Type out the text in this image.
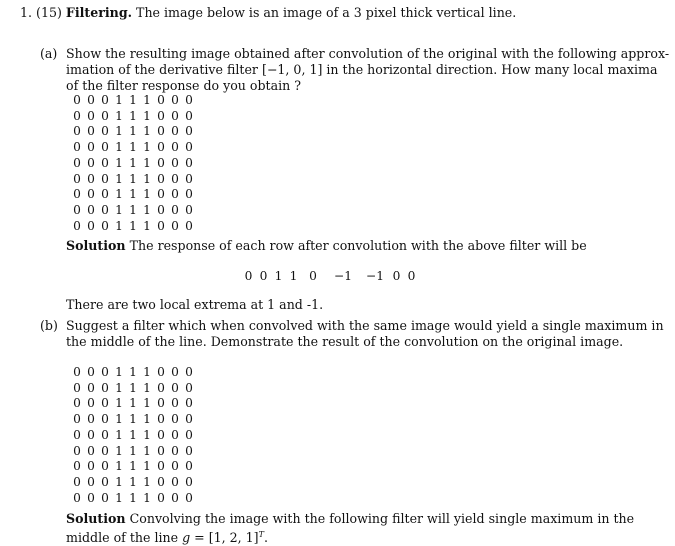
1. (15) Filtering. The image below is an image of a 3 pixel thick vertical line.
(a) Show the resulting image obtained after convolution of the original with the following approx-
imation of the derivative filter [−1, 0, 1] in the horizontal direction. How many local maxima
of the filter response do you obtain ?
0	0	0	1	1	1	0	0	0
0	0	0	1	1	1	0	0	0
0	0	0	1	1	1	0	0	0
0	0	0	1	1	1	0	0	0
0	0	0	1	1	1	0	0	0
0	0	0	1	1	1	0	0	0
0	0	0	1	1	1	0	0	0
0	0	0	1	1	1	0	0	0
0	0	0	1	1	1	0	0	0
Solution The response of each row after convolution with the above filter will be
0	0	1	1	0	−1	−1	0	0
There are two local extrema at 1 and -1.
(b) Suggest a filter which when convolved with the same image would yield a single maximum in
the middle of the line. Demonstrate the result of the convolution on the original image.
0	0	0	1	1	1	0	0	0
0	0	0	1	1	1	0	0	0
0	0	0	1	1	1	0	0	0
0	0	0	1	1	1	0	0	0
0	0	0	1	1	1	0	0	0
0	0	0	1	1	1	0	0	0
0	0	0	1	1	1	0	0	0
0	0	0	1	1	1	0	0	0
0	0	0	1	1	1	0	0	0
Solution Convolving the image with the following filter will yield single maximum in the
middle of the line g = [1, 2, 1]$^T$.
